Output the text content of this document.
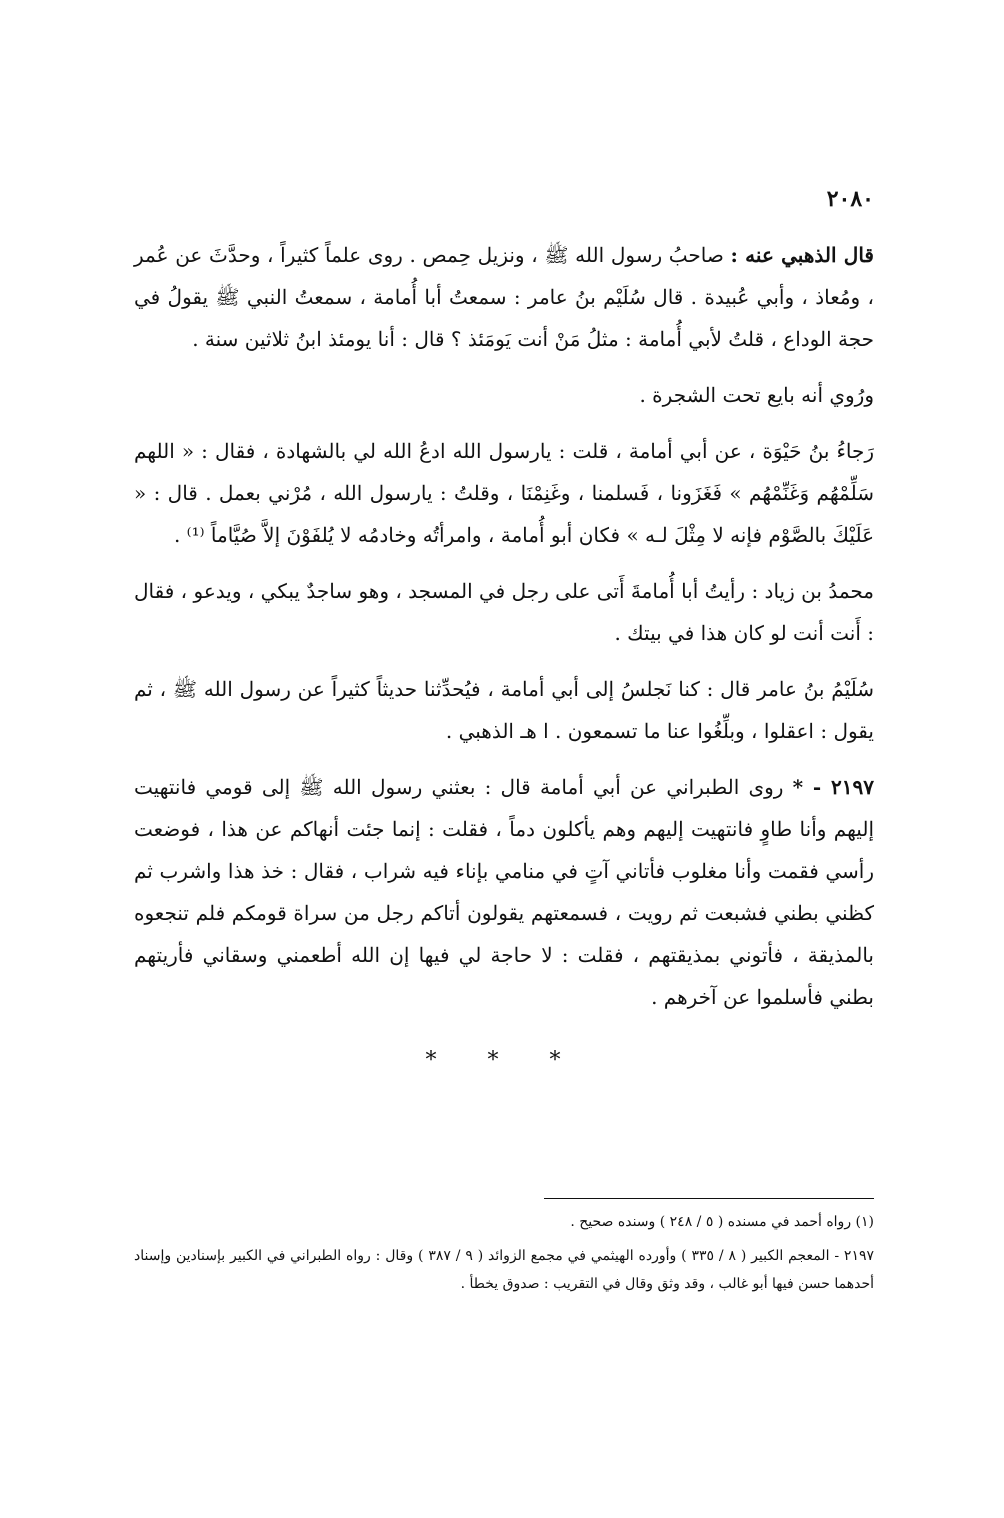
٢٠٨٠

قال الذهبي عنه : صاحبُ رسول الله ﷺ ، ونزيل حِمص . روى علماً كثيراً ، وحدَّثَ عن عُمر ، ومُعاذ ، وأبي عُبيدة . قال سُلَيْم بنُ عامر : سمعتُ أبا أُمامة ، سمعتُ النبي ﷺ يقولُ في حجة الوداع ، قلتُ لأبي أُمامة : مثلُ مَنْ أنت يَومَئذ ؟ قال : أنا يومئذ ابنُ ثلاثين سنة .

ورُوي أنه بايع تحت الشجرة .

رَجاءُ بنُ حَيْوَة ، عن أبي أمامة ، قلت : يارسول الله ادعُ الله لي بالشهادة ، فقال : « اللهم سَلِّمْهُم وَغَنِّمْهُم » فَغَزَونا ، فَسلمنا ، وغَنِمْنَا ، وقلتُ : يارسول الله ، مُرْني بعمل . قال : « عَلَيْكَ بالصَّوْم فإنه لا مِثْلَ لـه » فكان أبو أُمامة ، وامرأتُه وخادمُه لا يُلفَوْنَ إلاَّ صُيَّاماً ⁽¹⁾ .

محمدُ بن زياد : رأيتُ أبا أُمامةَ أَتى على رجل في المسجد ، وهو ساجدٌ يبكي ، ويدعو ، فقال : أَنت أنت لو كان هذا في بيتك .

سُلَيْمُ بنُ عامر قال : كنا نَجلسُ إلى أبي أمامة ، فيُحدِّثنا حديثاً كثيراً عن رسول الله ﷺ ، ثم يقول : اعقلوا ، وبلِّغُوا عنا ما تسمعون . ا هـ الذهبي .

٢١٩٧ - * روى الطبراني عن أبي أمامة قال : بعثني رسول الله ﷺ إلى قومي فانتهيت إليهم وأنا طاوٍ فانتهيت إليهم وهم يأكلون دماً ، فقلت : إنما جئت أنهاكم عن هذا ، فوضعت رأسي فقمت وأنا مغلوب فأتاني آتٍ في منامي بإناء فيه شراب ، فقال : خذ هذا واشرب ثم كظني بطني فشبعت ثم رويت ، فسمعتهم يقولون أتاكم رجل من سراة قومكم فلم تنجعوه بالمذيقة ، فأتوني بمذيقتهم ، فقلت : لا حاجة لي فيها إن الله أطعمني وسقاني فأريتهم بطني فأسلموا عن آخرهم .

* * *

(١) رواه أحمد في مسنده ( ٥ / ٢٤٨ ) وسنده صحيح .

٢١٩٧ - المعجم الكبير ( ٨ / ٣٣٥ ) وأورده الهيثمي في مجمع الزوائد ( ٩ / ٣٨٧ ) وقال : رواه الطبراني في الكبير بإسنادين وإسناد أحدهما حسن فيها أبو غالب ، وقد وثق وقال في التقريب : صدوق يخطأ .
